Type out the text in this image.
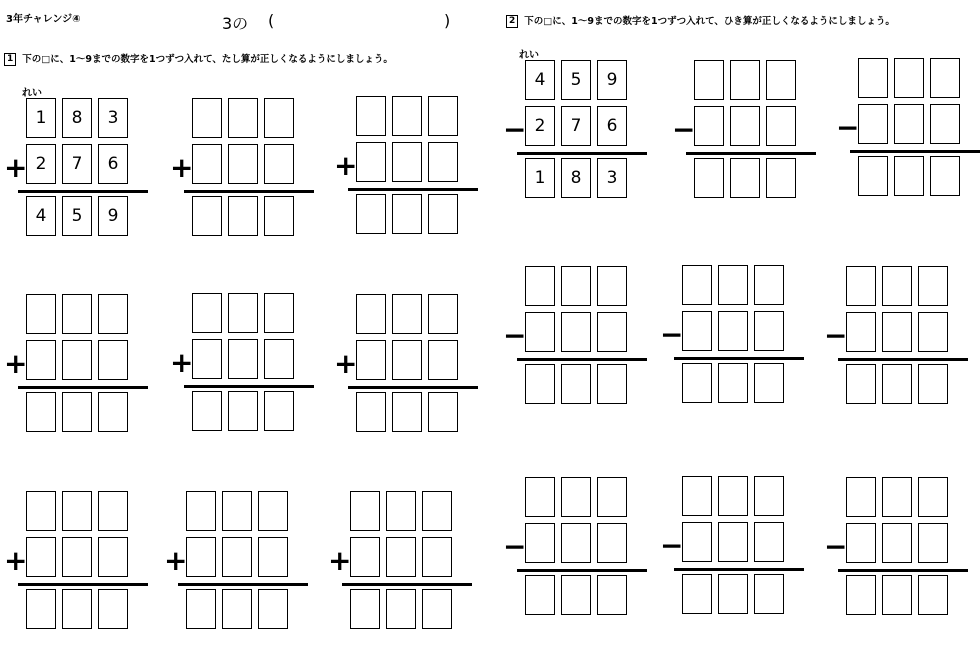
3年チャレンジ④	3の (	)
1 下の□に、1～9までの数字を1つずつ入れて、たし算が正しくなるようにしましょう。
2 下の□に、1～9までの数字を1つずつ入れて、ひき算が正しくなるようにしましょう。
1	8	3
2	7	6
4	5	9
+
れい
+	+
+	+	+
+	+	+
4	5	9
2	7	6
1	8	3
−
れい
−	−
−	−	−
−	−	−
